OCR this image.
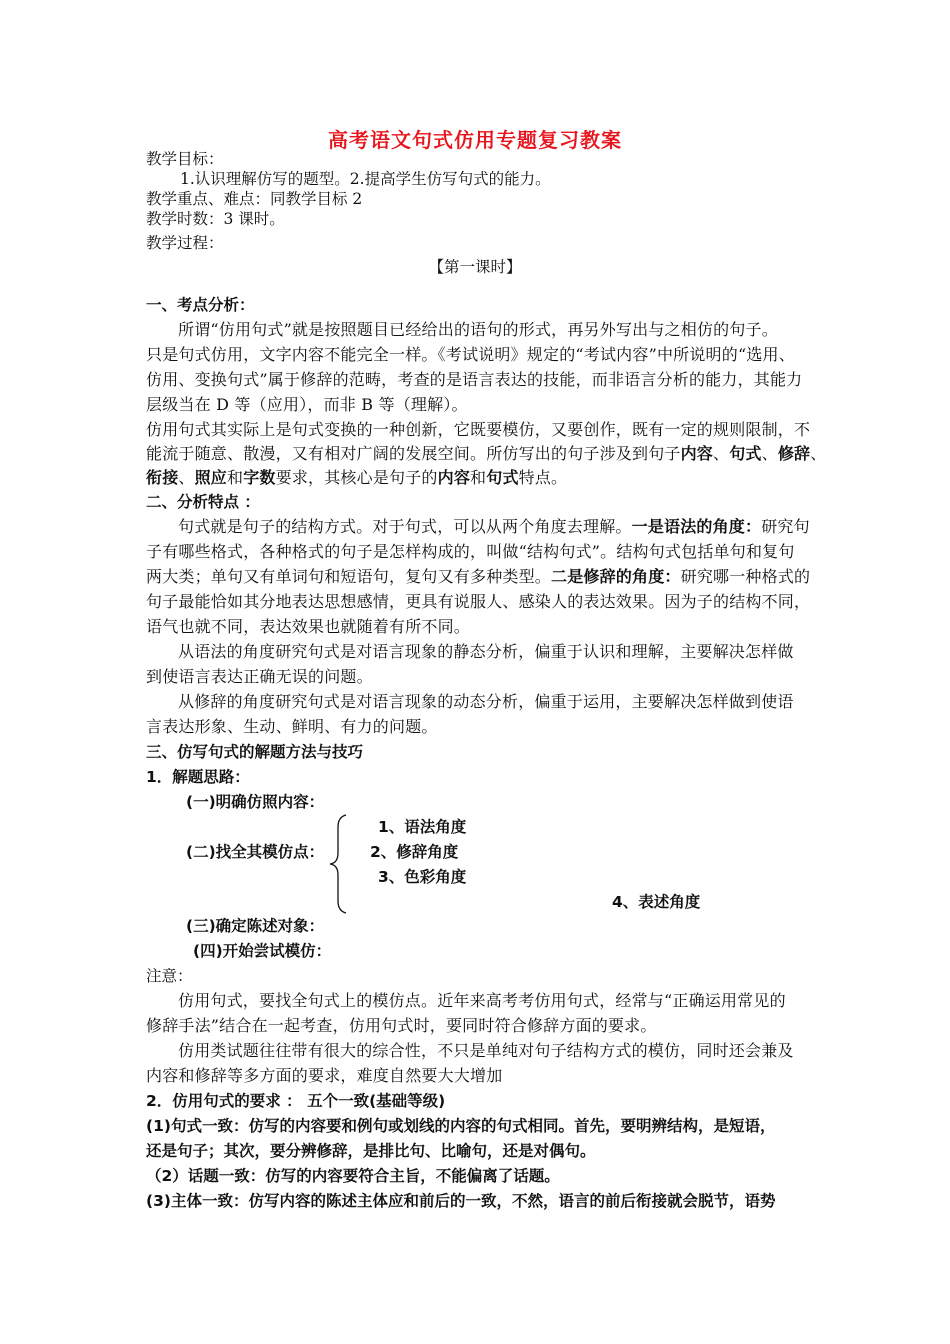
高考语文句式仿用专题复习教案
教学目标：
1.认识理解仿写的题型。2.提高学生仿写句式的能力。
教学重点、难点：同教学目标 2
教学时数：3 课时。
教学过程：
【第一课时】
一、考点分析：
所谓“仿用句式”就是按照题目已经给出的语句的形式，再另外写出与之相仿的句子。
只是句式仿用，文字内容不能完全一样。《考试说明》规定的“考试内容”中所说明的“选用、
仿用、变换句式”属于修辞的范畴，考查的是语言表达的技能，而非语言分析的能力，其能力
层级当在 D 等（应用），而非 B 等（理解）。
仿用句式其实际上是句式变换的一种创新，它既要模仿，又要创作，既有一定的规则限制，不
能流于随意、散漫，又有相对广阔的发展空间。所仿写出的句子涉及到句子内容、句式、修辞、
衔接、照应和字数要求，其核心是句子的内容和句式特点。
二、分析特点 ：
句式就是句子的结构方式。对于句式，可以从两个角度去理解。一是语法的角度：研究句
子有哪些格式，各种格式的句子是怎样构成的，叫做“结构句式”。结构句式包括单句和复句
两大类；单句又有单词句和短语句，复句又有多种类型。二是修辞的角度：研究哪一种格式的
句子最能恰如其分地表达思想感情，更具有说服人、感染人的表达效果。因为子的结构不同，
语气也就不同，表达效果也就随着有所不同。
从语法的角度研究句式是对语言现象的静态分析，偏重于认识和理解，主要解决怎样做
到使语言表达正确无误的问题。
从修辞的角度研究句式是对语言现象的动态分析，偏重于运用，主要解决怎样做到使语
言表达形象、生动、鲜明、有力的问题。
三、仿写句式的解题方法与技巧
1．解题思路：
(一)明确仿照内容：
1、语法角度
(二)找全其模仿点：	2、修辞角度
3、色彩角度
4、表述角度
(三)确定陈述对象：
(四)开始尝试模仿：
注意：
仿用句式，要找全句式上的模仿点。近年来高考考仿用句式，经常与“正确运用常见的
修辞手法”结合在一起考查，仿用句式时，要同时符合修辞方面的要求。
仿用类试题往往带有很大的综合性，不只是单纯对句子结构方式的模仿，同时还会兼及
内容和修辞等多方面的要求，难度自然要大大增加
2．仿用句式的要求 ： 五个一致(基础等级)
(1)句式一致：仿写的内容要和例句或划线的内容的句式相同。首先，要明辨结构，是短语，
还是句子；其次，要分辨修辞，是排比句、比喻句，还是对偶句。
（2）话题一致：仿写的内容要符合主旨，不能偏离了话题。
(3)主体一致：仿写内容的陈述主体应和前后的一致，不然，语言的前后衔接就会脱节，语势
